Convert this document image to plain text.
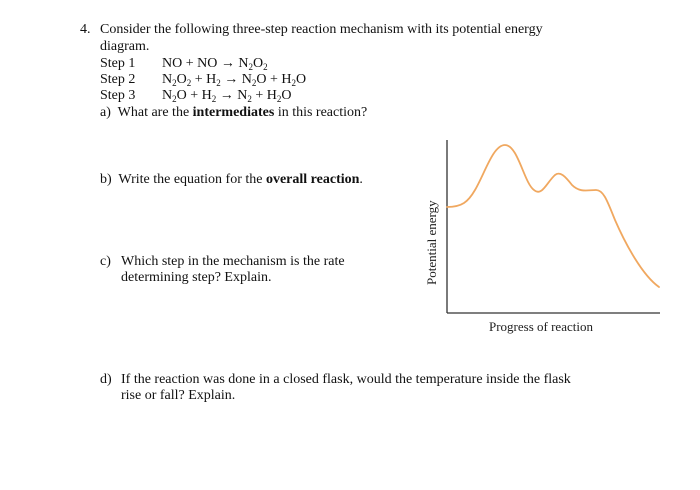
4. Consider the following three-step reaction mechanism with its potential energy
diagram.
Step 1 NO + NO → $N_2O_2$
Step 2 $N_2O_2 + H_2 \to N_2O + H_2O$
Step 3 $N_2O + H_2 \to N_2 + H_2O$
a) What are the intermediates in this reaction?
b) Write the equation for the overall reaction.
c) Which step in the mechanism is the rate
determining step? Explain.
d) If the reaction was done in a closed flask, would the temperature inside the flask
rise or fall? Explain.
Potential energy
Progress of reaction
